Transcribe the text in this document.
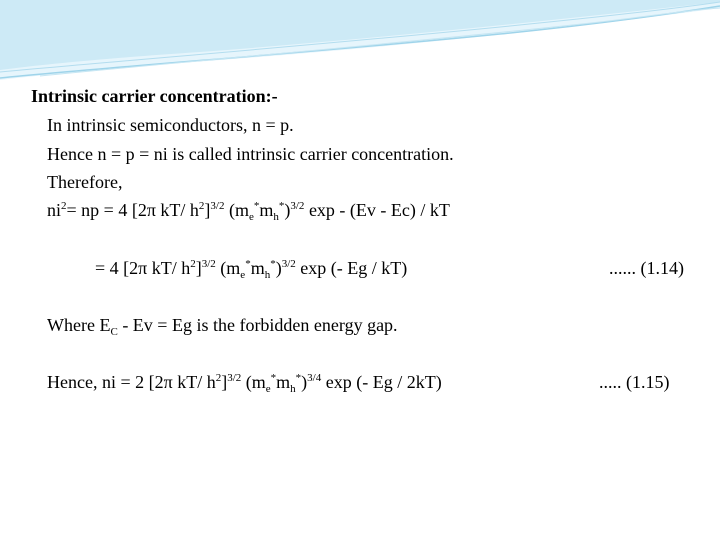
Intrinsic carrier concentration:-
In intrinsic semiconductors, n = p.
Hence n = p = ni is called intrinsic carrier concentration.
Therefore,
$ni^2=$ np = 4 [2π kT/ $h^2]^{3/2}$ $(m_e^*m_h^*)^{3/2}$ exp - (Ev - Ec) / kT
= 4 [2π kT/ $h^2]^{3/2}$ $(m_e^*m_h^*)^{3/2}$ exp (- Eg / kT)	...... (1.14)
Where $E_C - Ev = Eg$ is the forbidden energy gap.
Hence, ni = 2 [2π kT/ $h^2]^{3/2}$ $(m_e^*m_h^*)^{3/4}$ exp (- Eg / 2kT)	..... (1.15)
